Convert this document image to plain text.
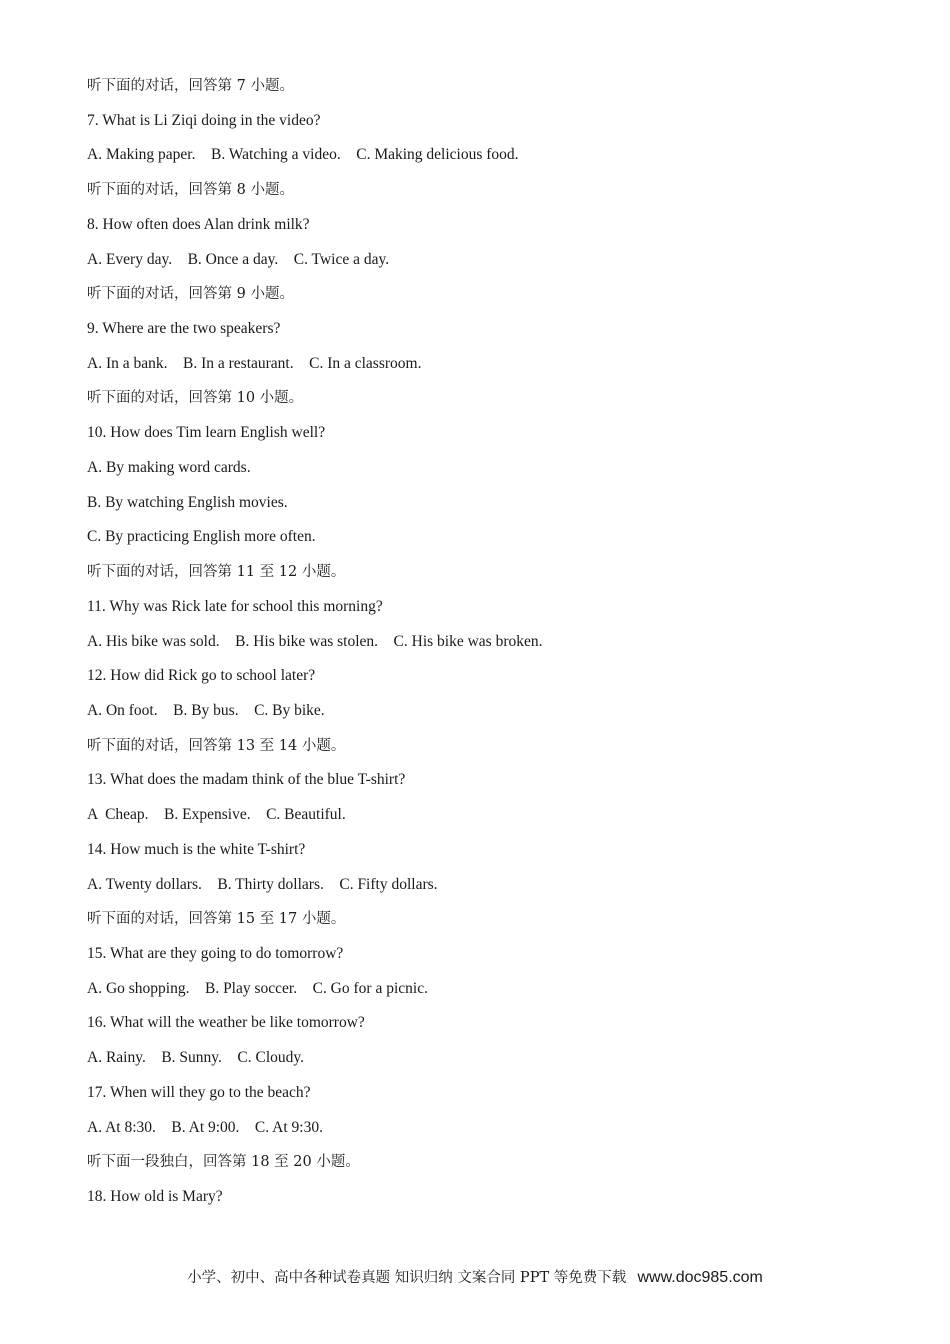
听下面的对话，回答第 7 小题。
7. What is Li Ziqi doing in the video?
A. Making paper.    B. Watching a video.    C. Making delicious food.
听下面的对话，回答第 8 小题。
8. How often does Alan drink milk?
A. Every day.    B. Once a day.    C. Twice a day.
听下面的对话，回答第 9 小题。
9. Where are the two speakers?
A. In a bank.    B. In a restaurant.    C. In a classroom.
听下面的对话，回答第 10 小题。
10. How does Tim learn English well?
A. By making word cards.
B. By watching English movies.
C. By practicing English more often.
听下面的对话，回答第 11 至 12 小题。
11. Why was Rick late for school this morning?
A. His bike was sold.    B. His bike was stolen.    C. His bike was broken.
12. How did Rick go to school later?
A. On foot.    B. By bus.    C. By bike.
听下面的对话，回答第 13 至 14 小题。
13. What does the madam think of the blue T-shirt?
A  Cheap.    B. Expensive.    C. Beautiful.
14. How much is the white T-shirt?
A. Twenty dollars.    B. Thirty dollars.    C. Fifty dollars.
听下面的对话，回答第 15 至 17 小题。
15. What are they going to do tomorrow?
A. Go shopping.    B. Play soccer.    C. Go for a picnic.
16. What will the weather be like tomorrow?
A. Rainy.    B. Sunny.    C. Cloudy.
17. When will they go to the beach?
A. At 8:30.    B. At 9:00.    C. At 9:30.
听下面一段独白，回答第 18 至 20 小题。
18. How old is Mary?
小学、初中、高中各种试卷真题 知识归纳 文案合同 PPT 等免费下载 www.doc985.com
